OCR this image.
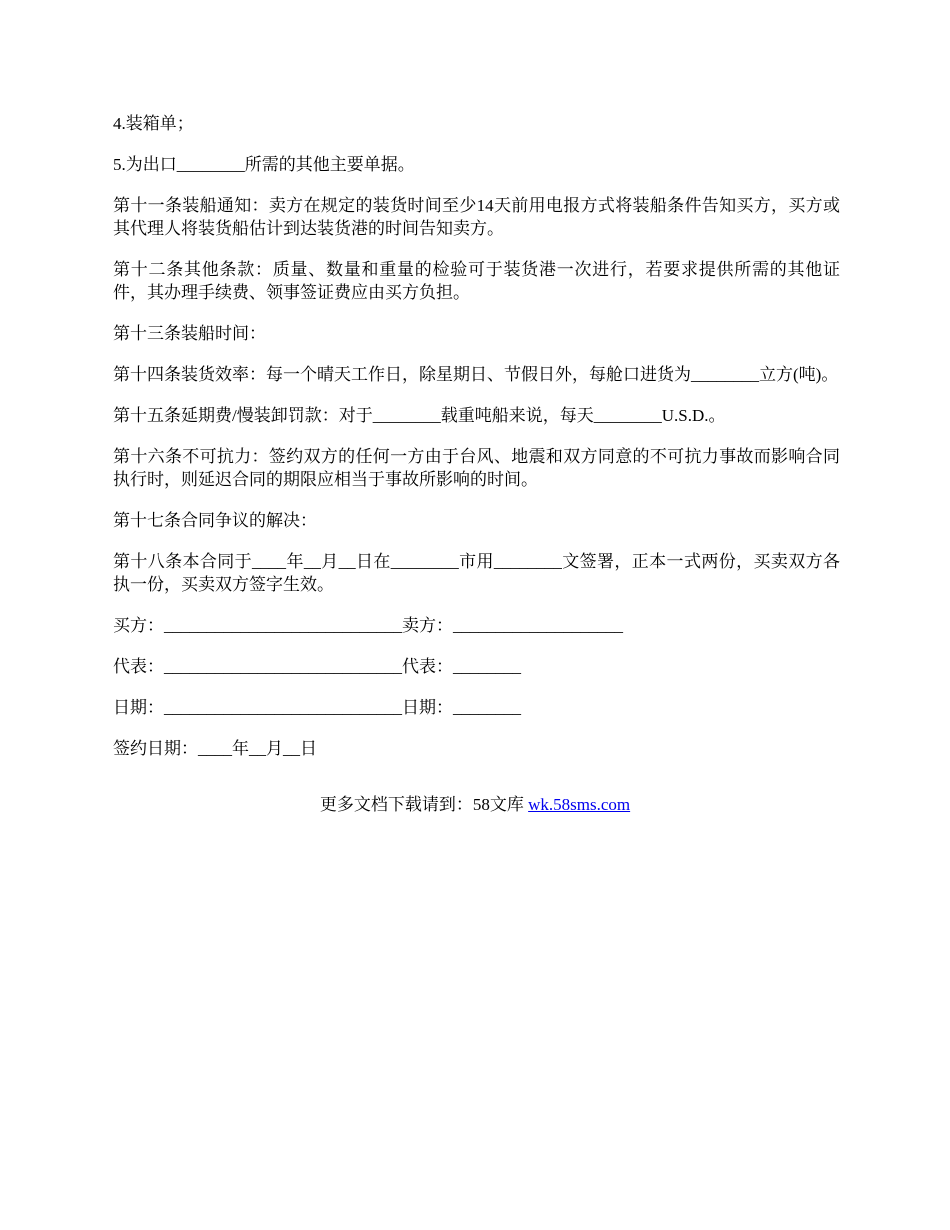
4.装箱单；

5.为出口________所需的其他主要单据。

第十一条装船通知：卖方在规定的装货时间至少14天前用电报方式将装船条件告知买方，买方或其代理人将装货船估计到达装货港的时间告知卖方。

第十二条其他条款：质量、数量和重量的检验可于装货港一次进行，若要求提供所需的其他证件，其办理手续费、领事签证费应由买方负担。

第十三条装船时间：

第十四条装货效率：每一个晴天工作日，除星期日、节假日外，每舱口进货为________立方(吨)。

第十五条延期费/慢装卸罚款：对于________载重吨船来说，每天________U.S.D.。

第十六条不可抗力：签约双方的任何一方由于台风、地震和双方同意的不可抗力事故而影响合同执行时，则延迟合同的期限应相当于事故所影响的时间。

第十七条合同争议的解决：

第十八条本合同于____年__月__日在________市用________文签署，正本一式两份，买卖双方各执一份，买卖双方签字生效。

买方：____________________________卖方：____________________

代表：____________________________代表：________

日期：____________________________日期：________

签约日期：____年__月__日

更多文档下载请到：58文库 wk.58sms.com
